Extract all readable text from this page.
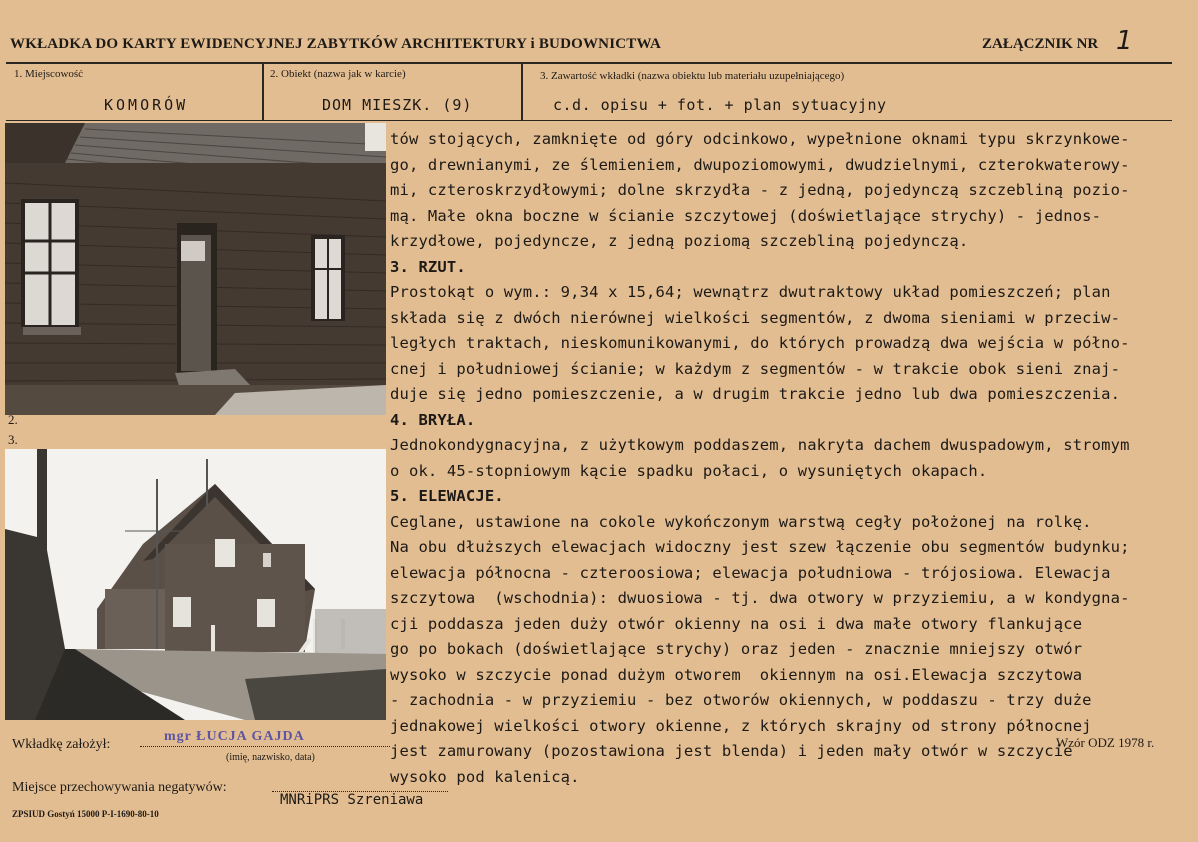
WKŁADKA DO KARTY EWIDENCYJNEJ ZABYTKÓW ARCHITEKTURY i BUDOWNICTWA	ZAŁĄCZNIK NR 1
1. Miejscowość
KOMORÓW
2. Obiekt (nazwa jak w karcie)
DOM MIESZK. (9)
3. Zawartość wkładki (nazwa obiektu lub materiału uzupełniającego)
c.d. opisu + fot. + plan sytuacyjny
2.
3.
tów stojących, zamknięte od góry odcinkowo, wypełnione oknami typu skrzynkowe-
go, drewnianymi, ze ślemieniem, dwupoziomowymi, dwudzielnymi, czterokwaterowy-
mi, czteroskrzydłowymi; dolne skrzydła - z jedną, pojedynczą szczebliną pozio-
mą. Małe okna boczne w ścianie szczytowej (doświetlające strychy) - jednos-
krzydłowe, pojedyncze, z jedną poziomą szczebliną pojedynczą.
3. RZUT.
Prostokąt o wym.: 9,34 x 15,64; wewnątrz dwutraktowy układ pomieszczeń; plan
składa się z dwóch nierównej wielkości segmentów, z dwoma sieniami w przeciw-
ległych traktach, nieskomunikowanymi, do których prowadzą dwa wejścia w półno-
cnej i południowej ścianie; w każdym z segmentów - w trakcie obok sieni znaj-
duje się jedno pomieszczenie, a w drugim trakcie jedno lub dwa pomieszczenia.
4. BRYŁA.
Jednokondygnacyjna, z użytkowym poddaszem, nakryta dachem dwuspadowym, stromym
o ok. 45-stopniowym kącie spadku połaci, o wysuniętych okapach.
5. ELEWACJE.
Ceglane, ustawione na cokole wykończonym warstwą cegły położonej na rolkę.
Na obu dłuższych elewacjach widoczny jest szew łączenie obu segmentów budynku;
elewacja północna - czteroosiowa; elewacja południowa - trójosiowa. Elewacja
szczytowa  (wschodnia): dwuosiowa - tj. dwa otwory w przyziemiu, a w kondygna-
cji poddasza jeden duży otwór okienny na osi i dwa małe otwory flankujące
go po bokach (doświetlające strychy) oraz jeden - znacznie mniejszy otwór
wysoko w szczycie ponad dużym otworem  okiennym na osi.Elewacja szczytowa
- zachodnia - w przyziemiu - bez otworów okiennych, w poddaszu - trzy duże
jednakowej wielkości otwory okienne, z których skrajny od strony północnej
jest zamurowany (pozostawiona jest blenda) i jeden mały otwór w szczycie
wysoko pod kalenicą.
Wkładkę założył:
mgr ŁUCJA GAJDA
(imię, nazwisko, data)
Miejsce przechowywania negatywów:
MNRiPRS Szreniawa
Wzór ODZ 1978 r.
ZPSIUD Gostyń 15000 P-I-1690-80-10
